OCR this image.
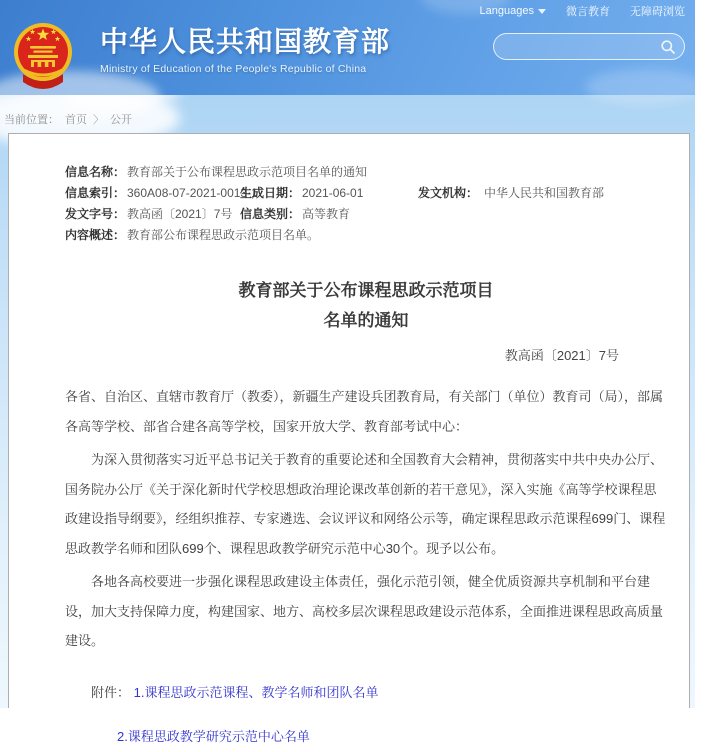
Languages	微言教育 无障碍浏览
中华人民共和国教育部
Ministry of Education of the People's Republic of China
当前位置： 首页 〉 公开
信息名称： 教育部关于公布课程思政示范项目名单的通知
信息索引： 360A08-07-2021-0013-1
生成日期： 2021-06-01	发文机构： 中华人民共和国教育部
发文字号： 教高函〔2021〕7号 信息类别： 高等教育
内容概述： 教育部公布课程思政示范项目名单。
教育部关于公布课程思政示范项目
名单的通知
教高函〔2021〕7号
各省、自治区、直辖市教育厅（教委），新疆生产建设兵团教育局，有关部门（单位）教育司（局），部属各高等学校、部省合建各高等学校，国家开放大学、教育部考试中心：
为深入贯彻落实习近平总书记关于教育的重要论述和全国教育大会精神，贯彻落实中共中央办公厅、国务院办公厅《关于深化新时代学校思想政治理论课改革创新的若干意见》，深入实施《高等学校课程思政建设指导纲要》，经组织推荐、专家遴选、会议评议和网络公示等，确定课程思政示范课程699门、课程思政教学名师和团队699个、课程思政教学研究示范中心30个。现予以公布。
各地各高校要进一步强化课程思政建设主体责任，强化示范引领，健全优质资源共享机制和平台建设，加大支持保障力度，构建国家、地方、高校多层次课程思政建设示范体系，全面推进课程思政高质量建设。
附件： 1.课程思政示范课程、教学名师和团队名单
2.课程思政教学研究示范中心名单
